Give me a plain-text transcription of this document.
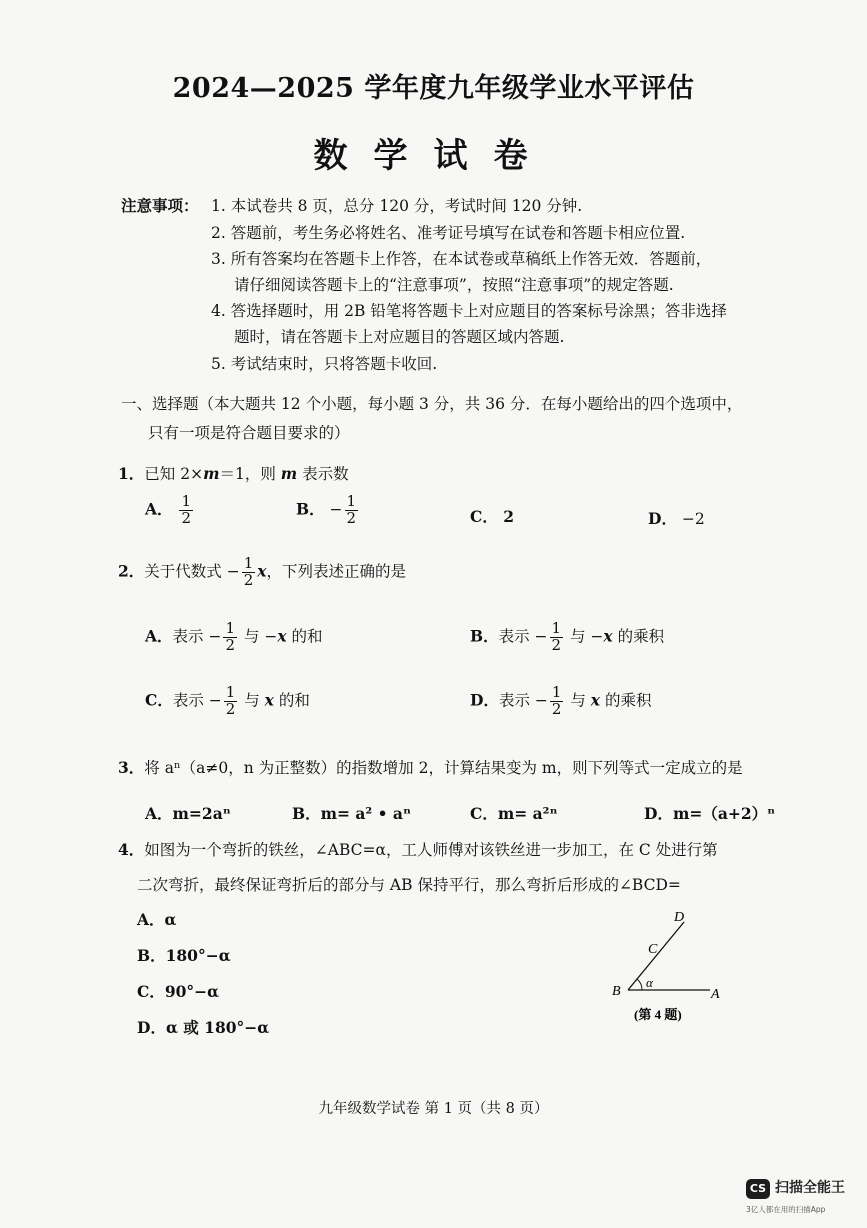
2024—2025 学年度九年级学业水平评估
数学试卷
注意事项： 1. 本试卷共 8 页，总分 120 分，考试时间 120 分钟.
2. 答题前，考生务必将姓名、准考证号填写在试卷和答题卡相应位置.
3. 所有答案均在答题卡上作答，在本试卷或草稿纸上作答无效．答题前，
请仔细阅读答题卡上的“注意事项”，按照“注意事项”的规定答题.
4. 答选择题时，用 2B 铅笔将答题卡上对应题目的答案标号涂黑；答非选择
题时，请在答题卡上对应题目的答题区域内答题.
5. 考试结束时，只将答题卡收回.
一、选择题（本大题共 12 个小题，每小题 3 分，共 36 分．在每小题给出的四个选项中，
只有一项是符合题目要求的）
1．已知 2×m＝1，则 m 表示数
A． $\frac{1}{2}$	B． − $\frac{1}{2}$	C． 2	D． −2
2．关于代数式 − $\frac{1}{2}$ x，下列表述正确的是
A．表示 − $\frac{1}{2}$ 与 −x 的和	B．表示 − $\frac{1}{2}$ 与 −x 的乘积
C．表示 − $\frac{1}{2}$ 与 x 的和	D．表示 − $\frac{1}{2}$ 与 x 的乘积
3．将 aⁿ（a≠0，n 为正整数）的指数增加 2，计算结果变为 m，则下列等式一定成立的是
A．m=2aⁿ	B．m= a² • aⁿ	C．m= a²ⁿ	D．m=（a+2）ⁿ
4．如图为一个弯折的铁丝，∠ABC=α，工人师傅对该铁丝进一步加工，在 C 处进行第
二次弯折，最终保证弯折后的部分与 AB 保持平行，那么弯折后形成的∠BCD=
A．α
B．180°−α
C．90°−α
D．α 或 180°−α
B	A
C
D
α
(第 4 题)
九年级数学试卷 第 1 页（共 8 页）
CS 扫描全能王
3亿人都在用的扫描App
